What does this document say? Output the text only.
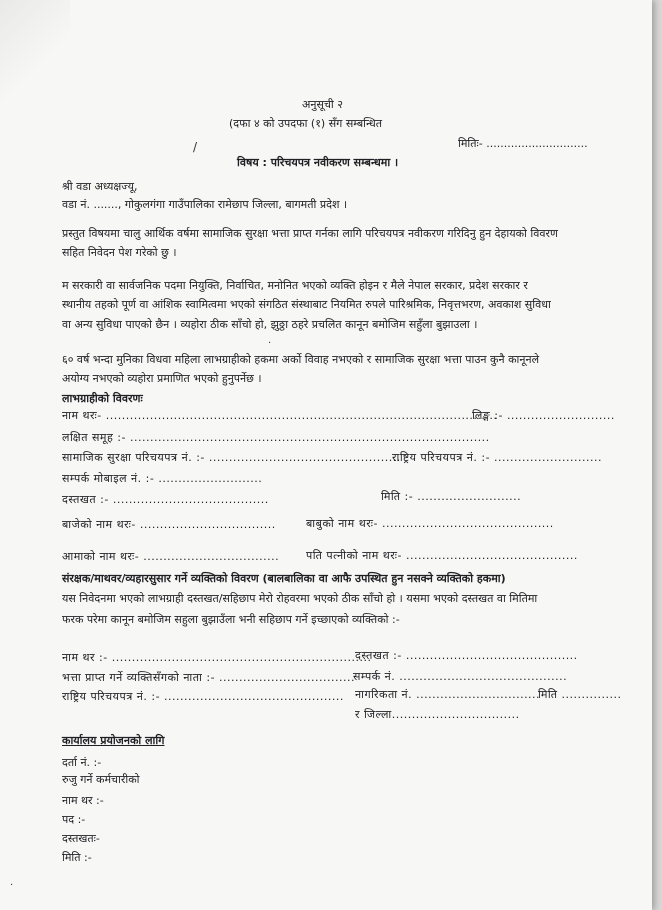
/
·
·
अनुसूची २
(दफा ४ को उपदफा (१) सँग सम्बन्धित
मितिः- .............................
विषय : परिचयपत्र नवीकरण सम्बन्धमा ।
श्री वडा अध्यक्षज्यू,
वडा नं. ......., गोकुलगंगा गाउँपालिका रामेछाप जिल्ला, बागमती प्रदेश ।
प्रस्तुत विषयमा चालु आर्थिक वर्षमा सामाजिक सुरक्षा भत्ता प्राप्त गर्नका लागि परिचयपत्र नवीकरण गरिदिनु हुन देहायको विवरण
सहित निवेदन पेश गरेको छु ।
म सरकारी वा सार्वजनिक पदमा नियुक्ति, निर्वाचित, मनोनित भएको व्यक्ति होइन र मैले नेपाल सरकार, प्रदेश सरकार र
स्थानीय तहको पूर्ण वा आंशिक स्वामित्वमा भएको संगठित संस्थाबाट नियमित रुपले पारिश्रमिक, निवृत्तभरण, अवकाश सुविधा
वा अन्य सुविधा पाएको छैन । व्यहोरा ठीक साँचो हो, झुठ्ठा ठहरे प्रचलित कानून बमोजिम सहुँला बुझाउला ।
६० वर्ष भन्दा मुनिका विधवा महिला लाभग्राहीको हकमा अर्को विवाह नभएको र सामाजिक सुरक्षा भत्ता पाउन कुनै कानूनले
अयोग्य नभएको व्यहोरा प्रमाणित भएको हुनुपर्नेछ ।
लाभग्राहीको विवरणः
नाम थरः- ..................................................................................................
लिङ्ग :- ...........................
लक्षित समूह :- ..........................................................................................
सामाजिक सुरक्षा परिचयपत्र नं. :- ................................................
राष्ट्रिय परिचयपत्र नं. :- ...........................
सम्पर्क मोबाइल नं. :- ..........................
दस्तखत :- .......................................	मिति :- ..........................
बाजेको नाम थरः- ..................................	बाबुको नाम थरः- ...........................................
आमाको नाम थरः- .................................. पति पत्नीको नाम थरः- ...........................................
संरक्षक/माथवर/व्यहारसुसार गर्ने व्यक्तिको विवरण (बालबालिका वा आफै उपस्थित हुन नसक्ने व्यक्तिको हकमा)
यस निवेदनमा भएको लाभग्राही दस्तखत/सहिछाप मेरो रोहवरमा भएको ठीक साँचो हो । यसमा भएको दस्तखत वा मितिमा
फरक परेमा कानून बमोजिम सहुला बुझाउँला भनी सहिछाप गर्ने इच्छाएको व्यक्तिको :-
नाम थर :- .................................................................
दस्तखत :- ...........................................
भत्ता प्राप्त गर्ने व्यक्तिसँगको नाता :- ..................................
सम्पर्क नं. ..........................................
राष्ट्रिय परिचयपत्र नं. :- ............................................. नागरिकता नं. ...............................
मिति ...............
र जिल्ला................................
कार्यालय प्रयोजनको लागि
दर्ता नं. :-
रुजु गर्ने कर्मचारीको
नाम थर :-
पद :-
दस्तखतः-
मिति :-
